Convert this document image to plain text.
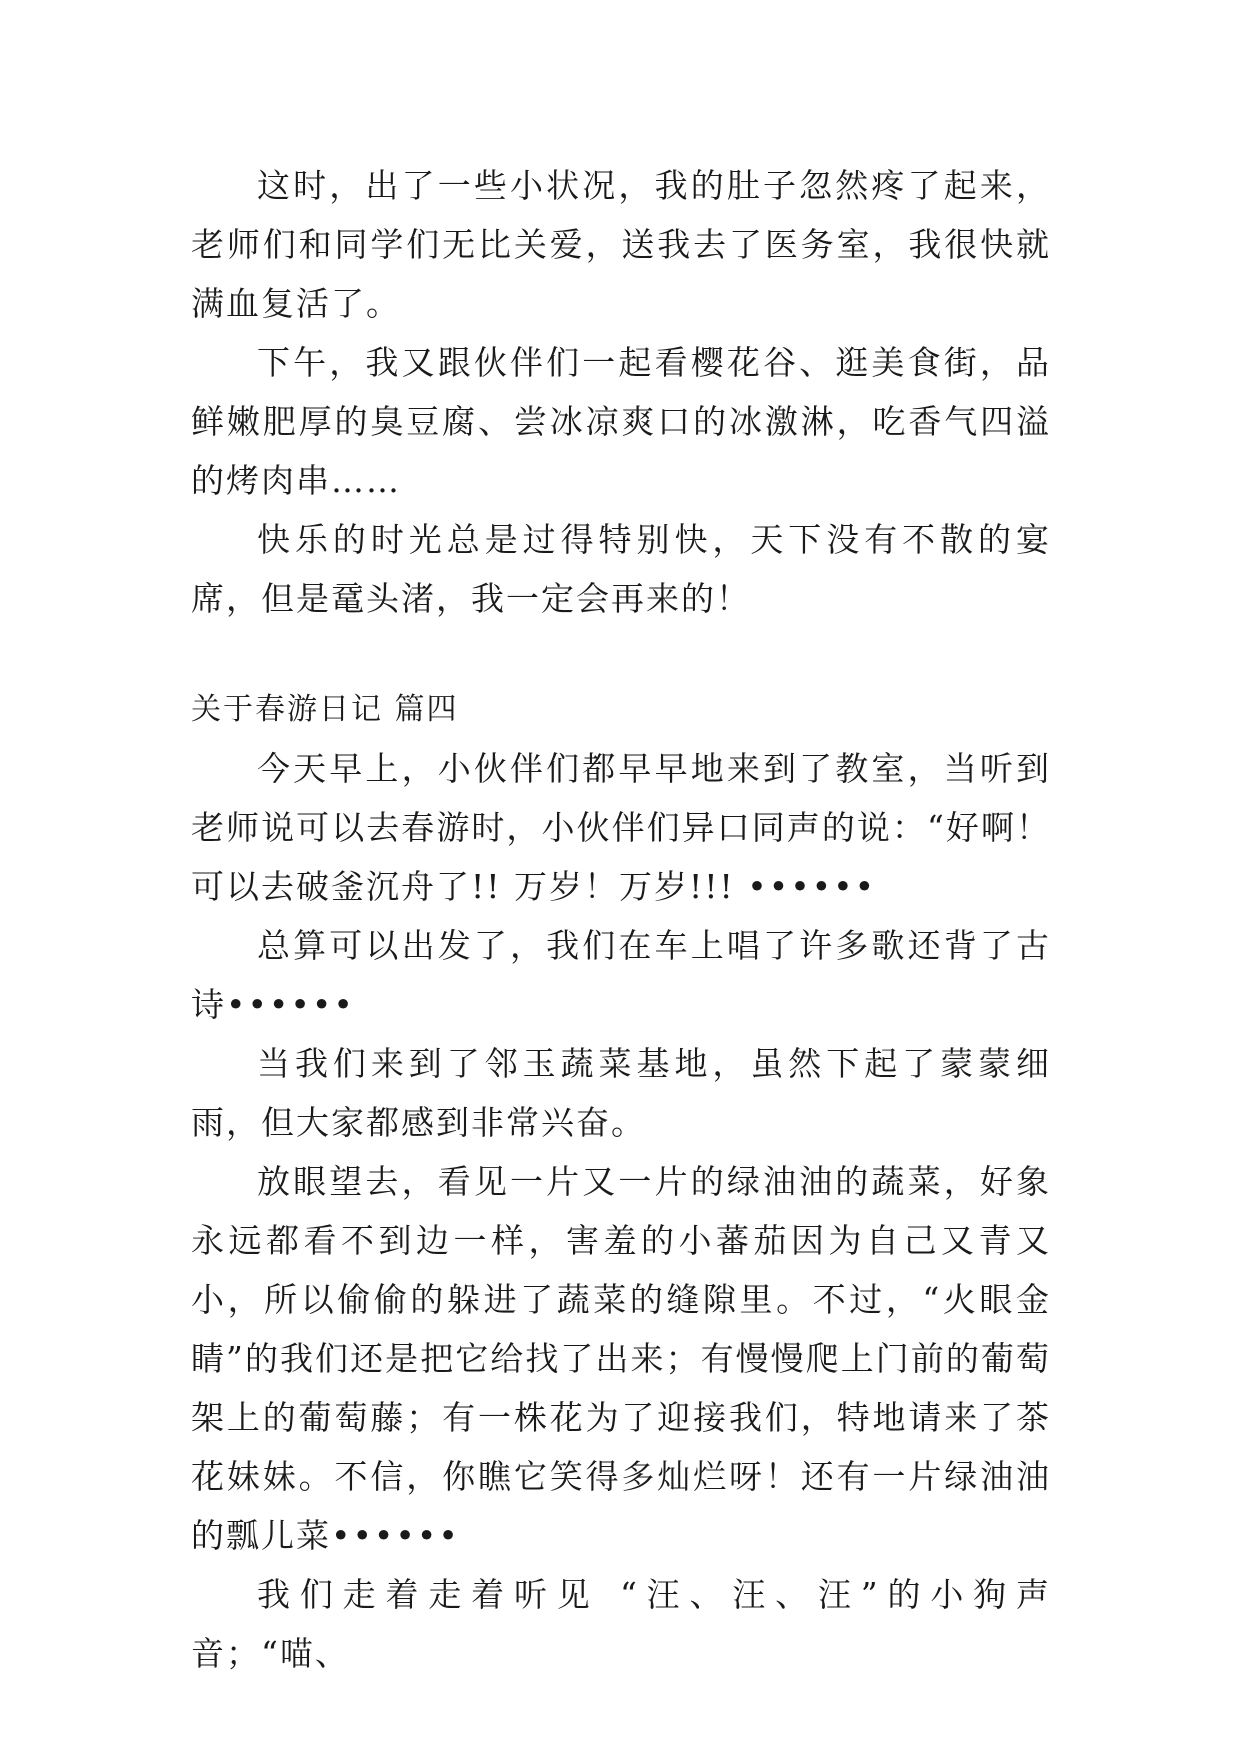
这时，出了一些小状况，我的肚子忽然疼了起来，老师们和同学们无比关爱，送我去了医务室，我很快就满血复活了。

下午，我又跟伙伴们一起看樱花谷、逛美食街，品鲜嫩肥厚的臭豆腐、尝冰凉爽口的冰激淋，吃香气四溢的烤肉串……

快乐的时光总是过得特别快，天下没有不散的宴席，但是鼋头渚，我一定会再来的！

关于春游日记 篇四

今天早上，小伙伴们都早早地来到了教室，当听到老师说可以去春游时，小伙伴们异口同声的说：“好啊！可以去破釜沉舟了!! 万岁！万岁!!! ••••••

总算可以出发了，我们在车上唱了许多歌还背了古诗••••••

当我们来到了邻玉蔬菜基地，虽然下起了蒙蒙细雨，但大家都感到非常兴奋。

放眼望去，看见一片又一片的绿油油的蔬菜，好象永远都看不到边一样，害羞的小蕃茄因为自己又青又小，所以偷偷的躲进了蔬菜的缝隙里。不过，“火眼金睛”的我们还是把它给找了出来；有慢慢爬上门前的葡萄架上的葡萄藤；有一株花为了迎接我们，特地请来了茶花妹妹。不信，你瞧它笑得多灿烂呀！还有一片绿油油的瓢儿菜••••••

我们走着走着听见 “汪、汪、汪”的小狗声音；“喵、
